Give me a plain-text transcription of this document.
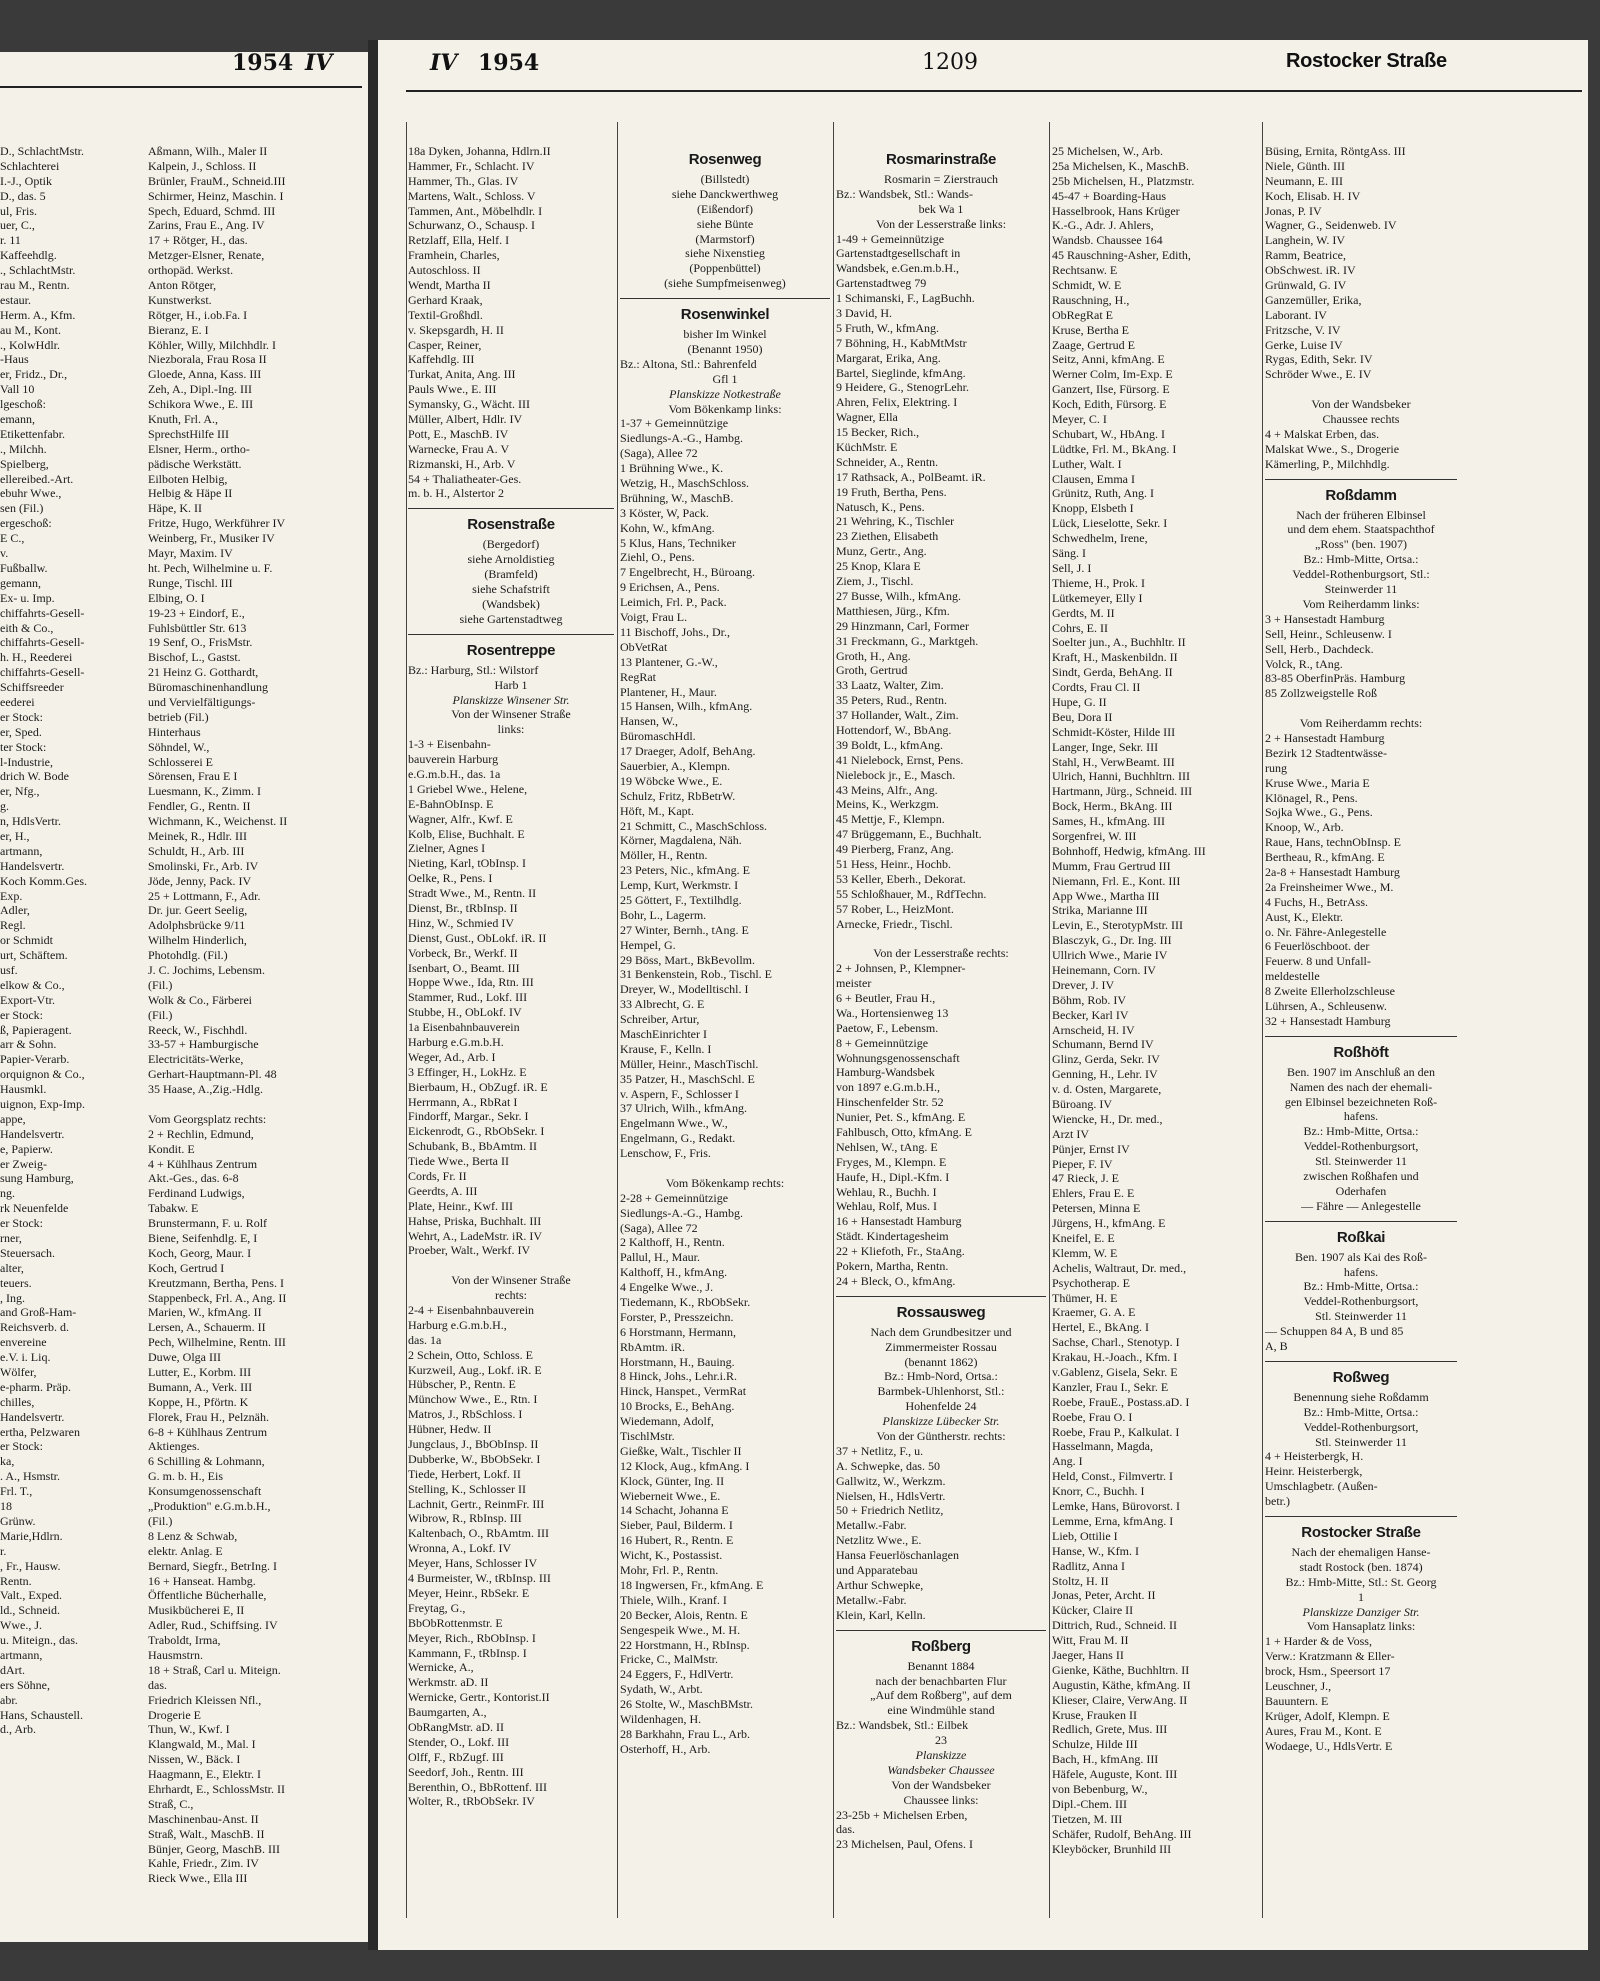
1954 IV	IV 1954	1209	Rostocker Straße
D., SchlachtMstr.
Schlachterei
I.-J., Optik
D., das. 5
ul, Fris.
uer, C.,
r. 11
Kaffeehdlg.
., SchlachtMstr.
rau M., Rentn.
estaur.
Herm. A., Kfm.
au M., Kont.
., KolwHdlr.
-Haus
er, Fridz., Dr.,
Vall 10
lgeschoß:
emann,
Etikettenfabr.
., Milchh.
Spielberg,
ellereibed.-Art.
ebuhr Wwe.,
sen (Fil.)
ergeschoß:
E C.,
v.
Fußballw.
gemann,
Ex- u. Imp.
chiffahrts-Gesell-
eith & Co.,
chiffahrts-Gesell-
h. H., Reederei
chiffahrts-Gesell-
Schiffsreeder
eederei
er Stock:
er, Sped.
ter Stock:
l-Industrie,
drich W. Bode
er, Nfg.,
g.
n, HdlsVertr.
er, H.,
artmann,
Handelsvertr.
Koch Komm.Ges.
Exp.
Adler,
Regl.
or Schmidt
urt, Schäftem.
usf.
elkow & Co.,
Export-Vtr.
er Stock:
ß, Papieragent.
arr & Sohn.
Papier-Verarb.
orquignon & Co.,
Hausmkl.
uignon, Exp-Imp.
appe,
Handelsvertr.
e, Papierw.
er Zweig-
sung Hamburg,
ng.
rk Neuenfelde
er Stock:
rner,
Steuersach.
alter,
teuers.
, Ing.
and Groß-Ham-
Reichsverb. d.
envereine
e.V. i. Liq.
Wölfer,
e-pharm. Präp.
chilles,
Handelsvertr.
ertha, Pelzwaren
er Stock:
ka,
. A., Hsmstr.
Frl. T.,
18
Grünw.
Marie,Hdlrn.
r.
, Fr., Hausw.
Rentn.
Valt., Exped.
ld., Schneid.
Wwe., J.
u. Miteign., das.
artmann,
dArt.
ers Söhne,
abr.
Hans, Schaustell.
d., Arb.
Aßmann, Wilh., Maler II
Kalpein, J., Schloss. II
Brünler, FrauM., Schneid.III
Schirmer, Heinz, Maschin. I
Spech, Eduard, Schmd. III
Zarins, Frau E., Ang. IV
17 + Rötger, H., das.
Metzger-Elsner, Renate,
orthopäd. Werkst.
Anton Rötger,
Kunstwerkst.
Rötger, H., i.ob.Fa. I
Bieranz, E. I
Köhler, Willy, Milchhdlr. I
Niezborala, Frau Rosa II
Gloede, Anna, Kass. III
Zeh, A., Dipl.-Ing. III
Schikora Wwe., E. III
Knuth, Frl. A.,
SprechstHilfe III
Elsner, Herm., ortho-
pädische Werkstätt.
Eilboten Helbig,
Helbig & Häpe II
Häpe, K. II
Fritze, Hugo, Werkführer IV
Weinberg, Fr., Musiker IV
Mayr, Maxim. IV
ht. Pech, Wilhelmine u. F.
Runge, Tischl. III
Elbing, O. I
19-23 + Eindorf, E.,
Fuhlsbüttler Str. 613
19 Senf, O., FrisMstr.
Bischof, L., Gastst.
21 Heinz G. Gotthardt,
Büromaschinenhandlung
und Vervielfältigungs-
betrieb (Fil.)
Hinterhaus
Söhndel, W.,
Schlosserei E
Sörensen, Frau E I
Luesmann, K., Zimm. I
Fendler, G., Rentn. II
Wichmann, K., Weichenst. II
Meinek, R., Hdlr. III
Schuldt, H., Arb. III
Smolinski, Fr., Arb. IV
Jöde, Jenny, Pack. IV
25 + Lottmann, F., Adr.
Dr. jur. Geert Seelig,
Adolphsbrücke 9/11
Wilhelm Hinderlich,
Photohdlg. (Fil.)
J. C. Jochims, Lebensm.
(Fil.)
Wolk & Co., Färberei
(Fil.)
Reeck, W., Fischhdl.
33-57 + Hamburgische
Electricitäts-Werke,
Gerhart-Hauptmann-Pl. 48
35 Haase, A.,Zig.-Hdlg.
Vom Georgsplatz rechts:
2 + Rechlin, Edmund,
Kondit. E
4 + Kühlhaus Zentrum
Akt.-Ges., das. 6-8
Ferdinand Ludwigs,
Tabakw. E
Brunstermann, F. u. Rolf
Biene, Seifenhdlg. E, I
Koch, Georg, Maur. I
Koch, Gertrud I
Kreutzmann, Bertha, Pens. I
Stappenbeck, Frl. A., Ang. II
Marien, W., kfmAng. II
Lersen, A., Schauerm. II
Pech, Wilhelmine, Rentn. III
Duwe, Olga III
Lutter, E., Korbm. III
Bumann, A., Verk. III
Koppe, H., Pförtn. K
Florek, Frau H., Pelznäh.
6-8 + Kühlhaus Zentrum
Aktienges.
6 Schilling & Lohmann,
G. m. b. H., Eis
Konsumgenossenschaft
„Produktion" e.G.m.b.H.,
(Fil.)
8 Lenz & Schwab,
elektr. Anlag. E
Bernard, Siegfr., BetrIng. I
16 + Hanseat. Hambg.
Öffentliche Bücherhalle,
Musikbücherei E, II
Adler, Rud., Schiffsing. IV
Traboldt, Irma,
Hausmstrn.
18 + Straß, Carl u. Miteign.
das.
Friedrich Kleissen Nfl.,
Drogerie E
Thun, W., Kwf. I
Klangwald, M., Mal. I
Nissen, W., Bäck. I
Haagmann, E., Elektr. I
Ehrhardt, E., SchlossMstr. II
Straß, C.,
Maschinenbau-Anst. II
Straß, Walt., MaschB. II
Bünjer, Georg, MaschB. III
Kahle, Friedr., Zim. IV
Rieck Wwe., Ella III
18a Dyken, Johanna, Hdlrn.II
Hammer, Fr., Schlacht. IV
Hammer, Th., Glas. IV
Martens, Walt., Schloss. V
Tammen, Ant., Möbelhdlr. I
Schurwanz, O., Schausp. I
Retzlaff, Ella, Helf. I
Framhein, Charles,
Autoschloss. II
Wendt, Martha II
Gerhard Kraak,
Textil-Großhdl.
v. Skepsgardh, H. II
Casper, Reiner,
Kaffehdlg. III
Turkat, Anita, Ang. III
Pauls Wwe., E. III
Symansky, G., Wächt. III
Müller, Albert, Hdlr. IV
Pott, E., MaschB. IV
Warnecke, Frau A. V
Rizmanski, H., Arb. V
54 + Thaliatheater-Ges.
m. b. H., Alstertor 2
Rosenstraße
(Bergedorf)
siehe Arnoldistieg
(Bramfeld)
siehe Schafstrift
(Wandsbek)
siehe Gartenstadtweg
Rosentreppe
Bz.: Harburg, Stl.: Wilstorf
Harb 1
Planskizze Winsener Str.
Von der Winsener Straße
links:
1-3 + Eisenbahn-
bauverein Harburg
e.G.m.b.H., das. 1a
1 Griebel Wwe., Helene,
E-BahnObInsp. E
Wagner, Alfr., Kwf. E
Kolb, Elise, Buchhalt. E
Zielner, Agnes I
Nieting, Karl, tObInsp. I
Oelke, R., Pens. I
Stradt Wwe., M., Rentn. II
Dienst, Br., tRbInsp. II
Hinz, W., Schmied IV
Dienst, Gust., ObLokf. iR. II
Vorbeck, Br., Werkf. II
Isenbart, O., Beamt. III
Hoppe Wwe., Ida, Rtn. III
Stammer, Rud., Lokf. III
Stubbe, H., ObLokf. IV
1a Eisenbahnbauverein
Harburg e.G.m.b.H.
Weger, Ad., Arb. I
3 Effinger, H., LokHz. E
Bierbaum, H., ObZugf. iR. E
Herrmann, A., RbRat I
Findorff, Margar., Sekr. I
Eickenrodt, G., RbObSekr. I
Schubank, B., BbAmtm. II
Tiede Wwe., Berta II
Cords, Fr. II
Geerdts, A. III
Plate, Heinr., Kwf. III
Hahse, Priska, Buchhalt. III
Wehrt, A., LadeMstr. iR. IV
Proeber, Walt., Werkf. IV
Von der Winsener Straße
rechts:
2-4 + Eisenbahnbauverein
Harburg e.G.m.b.H.,
das. 1a
2 Schein, Otto, Schloss. E
Kurzweil, Aug., Lokf. iR. E
Hübscher, P., Rentn. E
Münchow Wwe., E., Rtn. I
Matros, J., RbSchloss. I
Hübner, Hedw. II
Jungclaus, J., BbObInsp. II
Dubberke, W., BbObSekr. I
Tiede, Herbert, Lokf. II
Stelling, K., Schlosser II
Lachnit, Gertr., ReinmFr. III
Wibrow, R., RbInsp. III
Kaltenbach, O., RbAmtm. III
Wronna, A., Lokf. IV
Meyer, Hans, Schlosser IV
4 Burmeister, W., tRbInsp. III
Meyer, Heinr., RbSekr. E
Freytag, G.,
BbObRottenmstr. E
Meyer, Rich., RbObInsp. I
Kammann, F., tRbInsp. I
Wernicke, A.,
Werkmstr. aD. II
Wernicke, Gertr., Kontorist.II
Baumgarten, A.,
ObRangMstr. aD. II
Stender, O., Lokf. III
Olff, F., RbZugf. III
Seedorf, Joh., Rentn. III
Berenthin, O., BbRottenf. III
Wolter, R., tRbObSekr. IV
Rosenweg
(Billstedt)
siehe Danckwerthweg
(Eißendorf)
siehe Bünte
(Marmstorf)
siehe Nixenstieg
(Poppenbüttel)
(siehe Sumpfmeisenweg)
Rosenwinkel
bisher Im Winkel
(Benannt 1950)
Bz.: Altona, Stl.: Bahrenfeld
Gfl 1
Planskizze Notkestraße
Vom Bökenkamp links:
1-37 + Gemeinnützige
Siedlungs-A.-G., Hambg.
(Saga), Allee 72
1 Brühning Wwe., K.
Wetzig, H., MaschSchloss.
Brühning, W., MaschB.
3 Köster, W, Pack.
Kohn, W., kfmAng.
5 Klus, Hans, Techniker
Ziehl, O., Pens.
7 Engelbrecht, H., Büroang.
9 Erichsen, A., Pens.
Leimich, Frl. P., Pack.
Voigt, Frau L.
11 Bischoff, Johs., Dr.,
ObVetRat
13 Plantener, G.-W.,
RegRat
Plantener, H., Maur.
15 Hansen, Wilh., kfmAng.
Hansen, W.,
BüromaschHdl.
17 Draeger, Adolf, BehAng.
Sauerbier, A., Klempn.
19 Wöbcke Wwe., E.
Schulz, Fritz, RbBetrW.
Höft, M., Kapt.
21 Schmitt, C., MaschSchloss.
Körner, Magdalena, Näh.
Möller, H., Rentn.
23 Peters, Nic., kfmAng. E
Lemp, Kurt, Werkmstr. I
25 Göttert, F., Textilhdlg.
Bohr, L., Lagerm.
27 Winter, Bernh., tAng. E
Hempel, G.
29 Böss, Mart., BkBevollm.
31 Benkenstein, Rob., Tischl. E
Dreyer, W., Modelltischl. I
33 Albrecht, G. E
Schreiber, Artur,
MaschEinrichter I
Krause, F., Kelln. I
Müller, Heinr., MaschTischl.
35 Patzer, H., MaschSchl. E
v. Aspern, F., Schlosser I
37 Ulrich, Wilh., kfmAng.
Engelmann Wwe., W.,
Engelmann, G., Redakt.
Lenschow, F., Fris.
Vom Bökenkamp rechts:
2-28 + Gemeinnützige
Siedlungs-A.-G., Hambg.
(Saga), Allee 72
2 Kalthoff, H., Rentn.
Pallul, H., Maur.
Kalthoff, H., kfmAng.
4 Engelke Wwe., J.
Tiedemann, K., RbObSekr.
Forster, P., Presszeichn.
6 Horstmann, Hermann,
RbAmtm. iR.
Horstmann, H., Bauing.
8 Hinck, Johs., Lehr.i.R.
Hinck, Hanspet., VermRat
10 Brocks, E., BehAng.
Wiedemann, Adolf,
TischlMstr.
Gießke, Walt., Tischler II
12 Klock, Aug., kfmAng. I
Klock, Günter, Ing. II
Wieberneit Wwe., E.
14 Schacht, Johanna E
Sieber, Paul, Bilderm. I
16 Hubert, R., Rentn. E
Wicht, K., Postassist.
Mohr, Frl. P., Rentn.
18 Ingwersen, Fr., kfmAng. E
Thiele, Wilh., Kranf. I
20 Becker, Alois, Rentn. E
Sengespeik Wwe., M. H.
22 Horstmann, H., RbInsp.
Fricke, C., MalMstr.
24 Eggers, F., HdlVertr.
Sydath, W., Arbt.
26 Stolte, W., MaschBMstr.
Wildenhagen, H.
28 Barkhahn, Frau L., Arb.
Osterhoff, H., Arb.
Rosmarinstraße
Rosmarin = Zierstrauch
Bz.: Wandsbek, Stl.: Wands-
bek Wa 1
Von der Lesserstraße links:
1-49 + Gemeinnützige
Gartenstadtgesellschaft in
Wandsbek, e.Gen.m.b.H.,
Gartenstadtweg 79
1 Schimanski, F., LagBuchh.
3 David, H.
5 Fruth, W., kfmAng.
7 Böhning, H., KabMtMstr
Margarat, Erika, Ang.
Bartel, Sieglinde, kfmAng.
9 Heidere, G., StenogrLehr.
Ahren, Felix, Elektring. I
Wagner, Ella
15 Becker, Rich.,
KüchMstr. E
Schneider, A., Rentn.
17 Rathsack, A., PolBeamt. iR.
19 Fruth, Bertha, Pens.
Natusch, K., Pens.
21 Wehring, K., Tischler
23 Ziethen, Elisabeth
Munz, Gertr., Ang.
25 Knop, Klara E
Ziem, J., Tischl.
27 Busse, Wilh., kfmAng.
Matthiesen, Jürg., Kfm.
29 Hinzmann, Carl, Former
31 Freckmann, G., Marktgeh.
Groth, H., Ang.
Groth, Gertrud
33 Laatz, Walter, Zim.
35 Peters, Rud., Rentn.
37 Hollander, Walt., Zim.
Hottendorf, W., BbAng.
39 Boldt, L., kfmAng.
41 Nielebock, Ernst, Pens.
Nielebock jr., E., Masch.
43 Meins, Alfr., Ang.
Meins, K., Werkzgm.
45 Mettje, F., Klempn.
47 Brüggemann, E., Buchhalt.
49 Pierberg, Franz, Ang.
51 Hess, Heinr., Hochb.
53 Keller, Eberh., Dekorat.
55 Schloßhauer, M., RdfTechn.
57 Rober, L., HeizMont.
Arnecke, Friedr., Tischl.
Von der Lesserstraße rechts:
2 + Johnsen, P., Klempner-
meister
6 + Beutler, Frau H.,
Wa., Hortensienweg 13
Paetow, F., Lebensm.
8 + Gemeinnützige
Wohnungsgenossenschaft
Hamburg-Wandsbek
von 1897 e.G.m.b.H.,
Hinschenfelder Str. 52
Nunier, Pet. S., kfmAng. E
Fahlbusch, Otto, kfmAng. E
Nehlsen, W., tAng. E
Fryges, M., Klempn. E
Haufe, H., Dipl.-Kfm. I
Wehlau, R., Buchh. I
Wehlau, Rolf, Mus. I
16 + Hansestadt Hamburg
Städt. Kindertagesheim
22 + Kliefoth, Fr., StaAng.
Pokern, Martha, Rentn.
24 + Bleck, O., kfmAng.
Rossausweg
Nach dem Grundbesitzer und
Zimmermeister Rossau
(benannt 1862)
Bz.: Hmb-Nord, Ortsa.:
Barmbek-Uhlenhorst, Stl.:
Hohenfelde 24
Planskizze Lübecker Str.
Von der Güntherstr. rechts:
37 + Netlitz, F., u.
A. Schwepke, das. 50
Gallwitz, W., Werkzm.
Nielsen, H., HdlsVertr.
50 + Friedrich Netlitz,
Metallw.-Fabr.
Netzlitz Wwe., E.
Hansa Feuerlöschanlagen
und Apparatebau
Arthur Schwepke,
Metallw.-Fabr.
Klein, Karl, Kelln.
Roßberg
Benannt 1884
nach der benachbarten Flur
„Auf dem Roßberg", auf dem
eine Windmühle stand
Bz.: Wandsbek, Stl.: Eilbek
23
Planskizze
Wandsbeker Chaussee
Von der Wandsbeker
Chaussee links:
23-25b + Michelsen Erben,
das.
23 Michelsen, Paul, Ofens. I
25 Michelsen, W., Arb.
25a Michelsen, K., MaschB.
25b Michelsen, H., Platzmstr.
45-47 + Boarding-Haus
Hasselbrook, Hans Krüger
K.-G., Adr. J. Ahlers,
Wandsb. Chaussee 164
45 Rauschning-Asher, Edith,
Rechtsanw. E
Schmidt, W. E
Rauschning, H.,
ObRegRat E
Kruse, Bertha E
Zaage, Gertrud E
Seitz, Anni, kfmAng. E
Werner Colm, Im-Exp. E
Ganzert, Ilse, Fürsorg. E
Koch, Edith, Fürsorg. E
Meyer, C. I
Schubart, W., HbAng. I
Lüdtke, Frl. M., BkAng. I
Luther, Walt. I
Clausen, Emma I
Grünitz, Ruth, Ang. I
Knopp, Elsbeth I
Lück, Lieselotte, Sekr. I
Schwedhelm, Irene,
Säng. I
Sell, J. I
Thieme, H., Prok. I
Lütkemeyer, Elly I
Gerdts, M. II
Cohrs, E. II
Soelter jun., A., Buchhltr. II
Kraft, H., Maskenbildn. II
Sindt, Gerda, BehAng. II
Cordts, Frau Cl. II
Hupe, G. II
Beu, Dora II
Schmidt-Köster, Hilde III
Langer, Inge, Sekr. III
Stahl, H., VerwBeamt. III
Ulrich, Hanni, Buchhltrn. III
Hartmann, Jürg., Schneid. III
Bock, Herm., BkAng. III
Sames, H., kfmAng. III
Sorgenfrei, W. III
Bohnhoff, Hedwig, kfmAng. III
Mumm, Frau Gertrud III
Niemann, Frl. E., Kont. III
App Wwe., Martha III
Strika, Marianne III
Levin, E., SterotypMstr. III
Blasczyk, G., Dr. Ing. III
Ullrich Wwe., Marie IV
Heinemann, Corn. IV
Drever, J. IV
Böhm, Rob. IV
Becker, Karl IV
Arnscheid, H. IV
Schumann, Bernd IV
Glinz, Gerda, Sekr. IV
Genning, H., Lehr. IV
v. d. Osten, Margarete,
Büroang. IV
Wiencke, H., Dr. med.,
Arzt IV
Pünjer, Ernst IV
Pieper, F. IV
47 Rieck, J. E
Ehlers, Frau E. E
Petersen, Minna E
Jürgens, H., kfmAng. E
Kneifel, E. E
Klemm, W. E
Achelis, Waltraut, Dr. med.,
Psychotherap. E
Thümer, H. E
Kraemer, G. A. E
Hertel, E., BkAng. I
Sachse, Charl., Stenotyp. I
Krakau, H.-Joach., Kfm. I
v.Gablenz, Gisela, Sekr. E
Kanzler, Frau I., Sekr. E
Roebe, FrauE., Postass.aD. I
Roebe, Frau O. I
Roebe, Frau P., Kalkulat. I
Hasselmann, Magda,
Ang. I
Held, Const., Filmvertr. I
Knorr, C., Buchh. I
Lemke, Hans, Bürovorst. I
Lemme, Erna, kfmAng. I
Lieb, Ottilie I
Hanse, W., Kfm. I
Radlitz, Anna I
Stoltz, H. II
Jonas, Peter, Archt. II
Kücker, Claire II
Dittrich, Rud., Schneid. II
Witt, Frau M. II
Jaeger, Hans II
Gienke, Käthe, Buchhltrn. II
Augustin, Käthe, kfmAng. II
Klieser, Claire, VerwAng. II
Kruse, Frauken II
Redlich, Grete, Mus. III
Schulze, Hilde III
Bach, H., kfmAng. III
Häfele, Auguste, Kont. III
von Bebenburg, W.,
Dipl.-Chem. III
Tietzen, M. III
Schäfer, Rudolf, BehAng. III
Kleyböcker, Brunhild III
Büsing, Ernita, RöntgAss. III
Niele, Günth. III
Neumann, E. III
Koch, Elisab. H. IV
Jonas, P. IV
Wagner, G., Seidenweb. IV
Langhein, W. IV
Ramm, Beatrice,
ObSchwest. iR. IV
Grünwald, G. IV
Ganzemüller, Erika,
Laborant. IV
Fritzsche, V. IV
Gerke, Luise IV
Rygas, Edith, Sekr. IV
Schröder Wwe., E. IV
Von der Wandsbeker
Chaussee rechts
4 + Malskat Erben, das.
Malskat Wwe., S., Drogerie
Kämerling, P., Milchhdlg.
Roßdamm
Nach der früheren Elbinsel
und dem ehem. Staatspachthof
„Ross" (ben. 1907)
Bz.: Hmb-Mitte, Ortsa.:
Veddel-Rothenburgsort, Stl.:
Steinwerder 11
Vom Reiherdamm links:
3 + Hansestadt Hamburg
Sell, Heinr., Schleusenw. I
Sell, Herb., Dachdeck.
Volck, R., tAng.
83-85 OberfinPräs. Hamburg
85 Zollzweigstelle Roß
Vom Reiherdamm rechts:
2 + Hansestadt Hamburg
Bezirk 12 Stadtentwässe-
rung
Kruse Wwe., Maria E
Klönagel, R., Pens.
Sojka Wwe., G., Pens.
Knoop, W., Arb.
Raue, Hans, technObInsp. E
Bertheau, R., kfmAng. E
2a-8 + Hansestadt Hamburg
2a Freinsheimer Wwe., M.
4 Fuchs, H., BetrAss.
Aust, K., Elektr.
o. Nr. Fähre-Anlegestelle
6 Feuerlöschboot. der
Feuerw. 8 und Unfall-
meldestelle
8 Zweite Ellerholzschleuse
Lührsen, A., Schleusenw.
32 + Hansestadt Hamburg
Roßhöft
Ben. 1907 im Anschluß an den
Namen des nach der ehemali-
gen Elbinsel bezeichneten Roß-
hafens.
Bz.: Hmb-Mitte, Ortsa.:
Veddel-Rothenburgsort,
Stl. Steinwerder 11
zwischen Roßhafen und
Oderhafen
— Fähre — Anlegestelle
Roßkai
Ben. 1907 als Kai des Roß-
hafens.
Bz.: Hmb-Mitte, Ortsa.:
Veddel-Rothenburgsort,
Stl. Steinwerder 11
— Schuppen 84 A, B und 85
A, B
Roßweg
Benennung siehe Roßdamm
Bz.: Hmb-Mitte, Ortsa.:
Veddel-Rothenburgsort,
Stl. Steinwerder 11
4 + Heisterbergk, H.
Heinr. Heisterbergk,
Umschlagbetr. (Außen-
betr.)
Rostocker Straße
Nach der ehemaligen Hanse-
stadt Rostock (ben. 1874)
Bz.: Hmb-Mitte, Stl.: St. Georg
1
Planskizze Danziger Str.
Vom Hansaplatz links:
1 + Harder & de Voss,
Verw.: Kratzmann & Eller-
brock, Hsm., Speersort 17
Leuschner, J.,
Bauuntern. E
Krüger, Adolf, Klempn. E
Aures, Frau M., Kont. E
Wodaege, U., HdlsVertr. E
